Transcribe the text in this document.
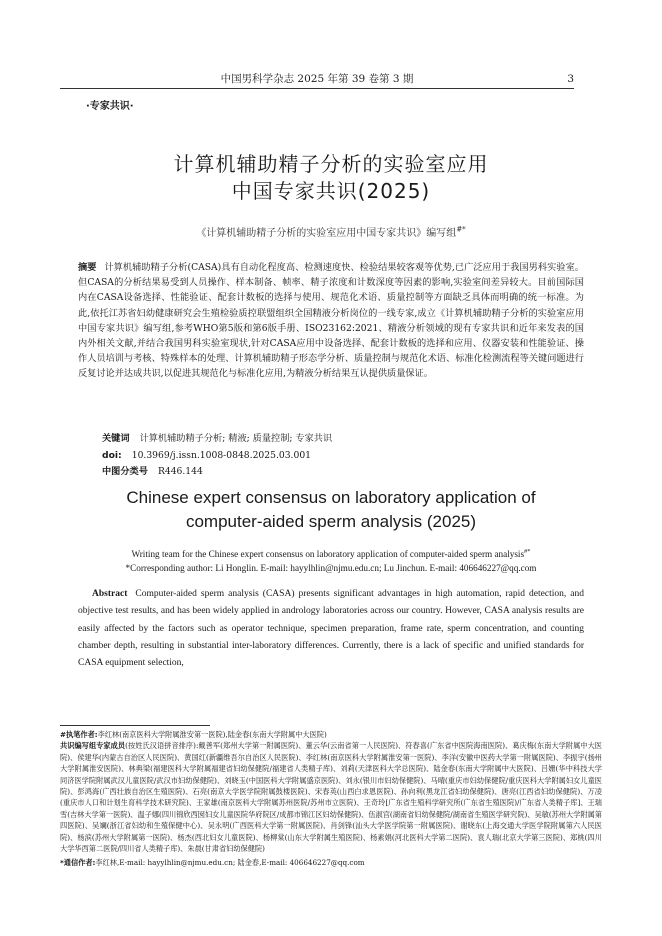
中国男科学杂志 2025 年第 39 卷第 3 期	3
·专家共识·
计算机辅助精子分析的实验室应用
中国专家共识(2025)
《计算机辅助精子分析的实验室应用中国专家共识》编写组#*
摘要 计算机辅助精子分析(CASA)具有自动化程度高、检测速度快、检验结果较客观等优势,已广泛应用于我国男科实验室。但CASA的分析结果易受到人员操作、样本制备、帧率、精子浓度和计数深度等因素的影响,实验室间差异较大。目前国际国内在CASA设备选择、性能验证、配套计数板的选择与使用、规范化术语、质量控制等方面缺乏具体而明确的统一标准。为此,依托江苏省妇幼健康研究会生殖检验质控联盟组织全国精液分析岗位的一线专家,成立《计算机辅助精子分析的实验室应用中国专家共识》编写组,参考WHO第5版和第6版手册、ISO23162:2021、精液分析领域的现有专家共识和近年来发表的国内外相关文献,并结合我国男科实验室现状,针对CASA应用中设备选择、配套计数板的选择和应用、仪器安装和性能验证、操作人员培训与考核、特殊样本的处理、计算机辅助精子形态学分析、质量控制与规范化术语、标准化检测流程等关键问题进行反复讨论并达成共识,以促进其规范化与标准化应用,为精液分析结果互认提供质量保证。
关键词 计算机辅助精子分析; 精液; 质量控制; 专家共识
doi: 10.3969/j.issn.1008-0848.2025.03.001
中图分类号 R446.144
Chinese expert consensus on laboratory application of
computer-aided sperm analysis (2025)
Writing team for the Chinese expert consensus on laboratory application of computer-aided sperm analysis#*
*Corresponding author: Li Honglin. E-mail: hayylhlin@njmu.edu.cn; Lu Jinchun. E-mail: 406646227@qq.com
Abstract Computer-aided sperm analysis (CASA) presents significant advantages in high automation, rapid detection, and objective test results, and has been widely applied in andrology laboratories across our country. However, CASA analysis results are easily affected by the factors such as operator technique, specimen preparation, frame rate, sperm concentration, and counting chamber depth, resulting in substantial inter-laboratory differences. Currently, there is a lack of specific and unified standards for CASA equipment selection,

#执笔作者:李红林(南京医科大学附属淮安第一医院),陆金春(东南大学附属中大医院)

共识编写组专家成员(按姓氏汉语拼音排序):戴善军(郑州大学第一附属医院)、董云华(云南省第一人民医院)、符春喜(广东省中医院海南医院)、葛庆梅(东南大学附属中大医院)、侯建华(内蒙古自治区人民医院)、黄国红(新疆维吾尔自治区人民医院)、李红林(南京医科大学附属淮安第一医院)、李洋(安徽中医药大学第一附属医院)、李振宇(扬州大学附属淮安医院)、林典梁(福建医科大学附属福建省妇幼保健院/福建省人类精子库)、刘莉(天津医科大学总医院)、陆金春(东南大学附属中大医院)、吕姗(华中科技大学同济医学院附属武汉儿童医院/武汉市妇幼保健院)、刘晓玉(中国医科大学附属盛京医院)、刘永(银川市妇幼保健院)、马晴(重庆市妇幼保健院/重庆医科大学附属妇女儿童医院)、彭鸿海(广西壮族自治区生殖医院)、石亮(南京大学医学院附属鼓楼医院)、宋春英(山西白求恩医院)、孙向利(黑龙江省妇幼保健院)、唐亮(江西省妇幼保健院)、万凌(重庆市人口和计划生育科学技术研究院)、王家雄(南京医科大学附属苏州医院/苏州市立医院)、王奇玲[广东省生殖科学研究所(广东省生殖医院)/广东省人类精子库]、王瑞雪(吉林大学第一医院)、温子娜(四川锦欣西囡妇女儿童医院华府院区/成都市锦江区妇幼保健院)、伍淑宫(湖南省妇幼保健院/湖南省生殖医学研究院)、吴敏(苏州大学附属第四医院)、吴斓(浙江省妇幼和生殖保健中心)、吴永明(广西医科大学第一附属医院)、肖剑锋(汕头大学医学院第一附属医院)、谢晓东(上海交通大学医学院附属第六人民医院)、杨滨(苏州大学附属第一医院)、杨杰(西北妇女儿童医院)、杨柳棠(山东大学附属生殖医院)、杨素娟(河北医科大学第二医院)、袁人瑞(北京大学第三医院)、郑桃(四川大学华西第二医院/四川省人类精子库)、朱晨(甘肃省妇幼保健院)

*通信作者:李红林,E-mail: hayylhlin@njmu.edu.cn; 陆金春,E-mail: 406646227@qq.com
